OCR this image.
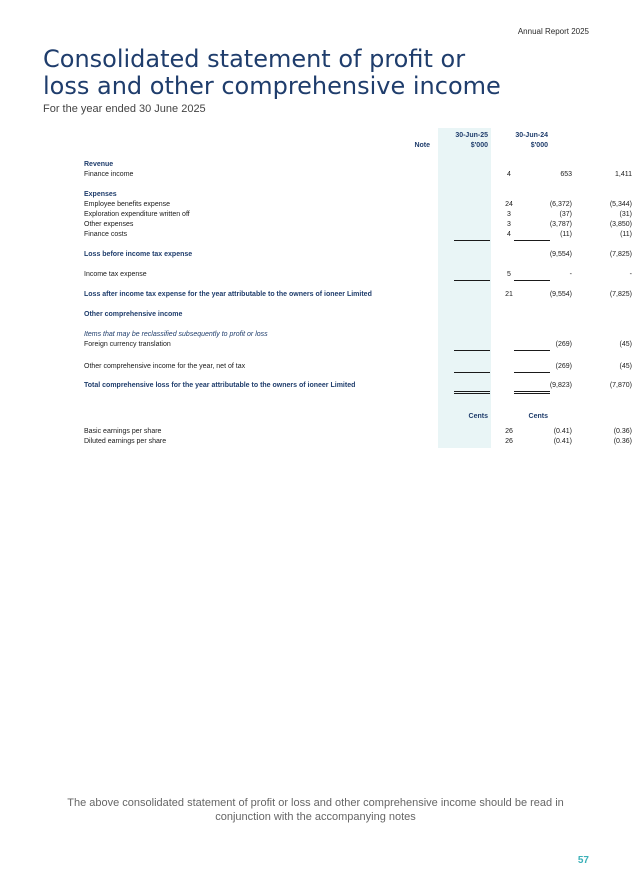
Annual Report 2025
Consolidated statement of profit or
loss and other comprehensive income
For the year ended 30 June 2025
30-Jun-25	30-Jun-24
Note	$'000	$'000
Revenue
Finance income	4	653	1,411
Expenses
Employee benefits expense	24	(6,372)	(5,344)
Exploration expenditure written off	3	(37)	(31)
Other expenses	3	(3,787)	(3,850)
Finance costs	4	(11)	(11)
Loss before income tax expense	(9,554)	(7,825)
Income tax expense	5	-	-
Loss after income tax expense for the year attributable to the owners of ioneer Limited	21	(9,554)	(7,825)
Other comprehensive income
Items that may be reclassified subsequently to profit or loss
Foreign currency translation	(269)	(45)
Other comprehensive income for the year, net of tax	(269)	(45)
Total comprehensive loss for the year attributable to the owners of ioneer Limited	(9,823)	(7,870)
Cents	Cents
Basic earnings per share	26	(0.41)	(0.36)
Diluted earnings per share	26	(0.41)	(0.36)
The above consolidated statement of profit or loss and other comprehensive income should be read in conjunction with the accompanying notes
57
